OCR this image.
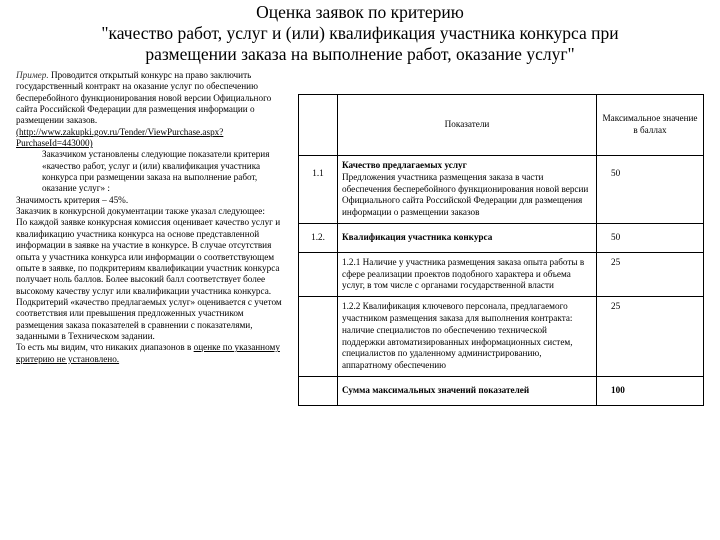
Оценка заявок по критерию
"качество работ, услуг и (или) квалификация участника конкурса при
размещении заказа на выполнение работ, оказание услуг"

Пример. Проводится открытый конкурс на право заключить государственный контракт на оказание услуг по обеспечению бесперебойного функционирования новой версии Официального сайта Российской Федерации для размещения информации о размещении заказов.

(http://www.zakupki.gov.ru/Tender/ViewPurchase.aspx?PurchaseId=443000)

Заказчиком установлены следующие показатели критерия «качество работ, услуг и (или) квалификация участника конкурса при размещении заказа на выполнение работ, оказание услуг» :

Значимость критерия – 45%.

Заказчик в конкурсной документации также указал следующее:

По каждой заявке конкурсная комиссия оценивает качество услуг и квалификацию участника конкурса на основе представленной информации в заявке на участие в конкурсе. В случае отсутствия опыта у участника конкурса или информации о соответствующем опыте в заявке, по подкритериям квалификации участник конкурса получает ноль баллов. Более высокий балл соответствует более высокому качеству услуг или квалификации участника конкурса.

Подкритерий «качество предлагаемых услуг» оценивается с учетом соответствия или превышения предложенных участником размещения заказа показателей в сравнении с показателями, заданными в Техническом задании.

То есть мы видим, что никаких диапазонов в оценке по указанному критерию не установлено.

	Показатели	Максимальное значение в баллах
1.1	Качество предлагаемых услуг
Предложения участника размещения заказа в части обеспечения бесперебойного функционирования новой версии Официального сайта Российской Федерации для размещения информации о размещении заказов	50
1.2.	Квалификация участника конкурса	50
	1.2.1 Наличие у участника размещения заказа опыта работы в сфере реализации проектов подобного характера и объема услуг, в том числе с органами государственной власти	25
	1.2.2 Квалификация ключевого персонала, предлагаемого участником размещения заказа для выполнения контракта: наличие специалистов по обеспечению технической поддержки автоматизированных информационных систем, специалистов по удаленному администрированию, аппаратному обеспечению	25
	Сумма максимальных значений показателей	100
